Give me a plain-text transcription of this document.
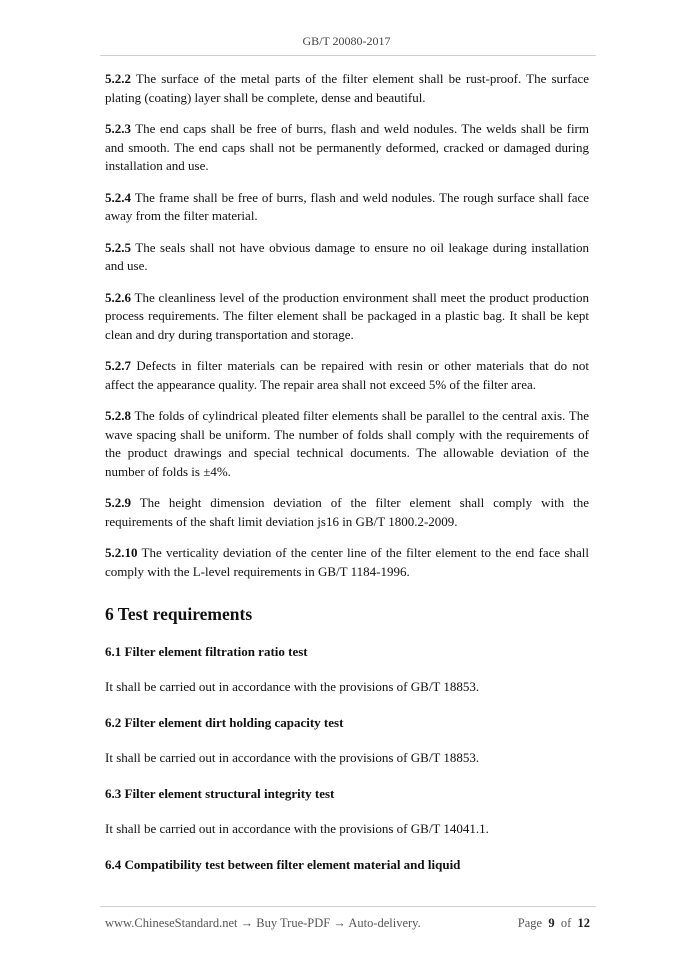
GB/T 20080-2017

5.2.2 The surface of the metal parts of the filter element shall be rust-proof. The surface plating (coating) layer shall be complete, dense and beautiful.

5.2.3 The end caps shall be free of burrs, flash and weld nodules. The welds shall be firm and smooth. The end caps shall not be permanently deformed, cracked or damaged during installation and use.

5.2.4 The frame shall be free of burrs, flash and weld nodules. The rough surface shall face away from the filter material.

5.2.5 The seals shall not have obvious damage to ensure no oil leakage during installation and use.

5.2.6 The cleanliness level of the production environment shall meet the product production process requirements. The filter element shall be packaged in a plastic bag. It shall be kept clean and dry during transportation and storage.

5.2.7 Defects in filter materials can be repaired with resin or other materials that do not affect the appearance quality. The repair area shall not exceed 5% of the filter area.

5.2.8 The folds of cylindrical pleated filter elements shall be parallel to the central axis. The wave spacing shall be uniform. The number of folds shall comply with the requirements of the product drawings and special technical documents. The allowable deviation of the number of folds is ±4%.

5.2.9 The height dimension deviation of the filter element shall comply with the requirements of the shaft limit deviation js16 in GB/T 1800.2-2009.

5.2.10 The verticality deviation of the center line of the filter element to the end face shall comply with the L-level requirements in GB/T 1184-1996.

6 Test requirements
6.1 Filter element filtration ratio test
It shall be carried out in accordance with the provisions of GB/T 18853.
6.2 Filter element dirt holding capacity test
It shall be carried out in accordance with the provisions of GB/T 18853.
6.3 Filter element structural integrity test
It shall be carried out in accordance with the provisions of GB/T 14041.1.
6.4 Compatibility test between filter element material and liquid
www.ChineseStandard.net → Buy True-PDF → Auto-delivery.	Page 9 of 12
